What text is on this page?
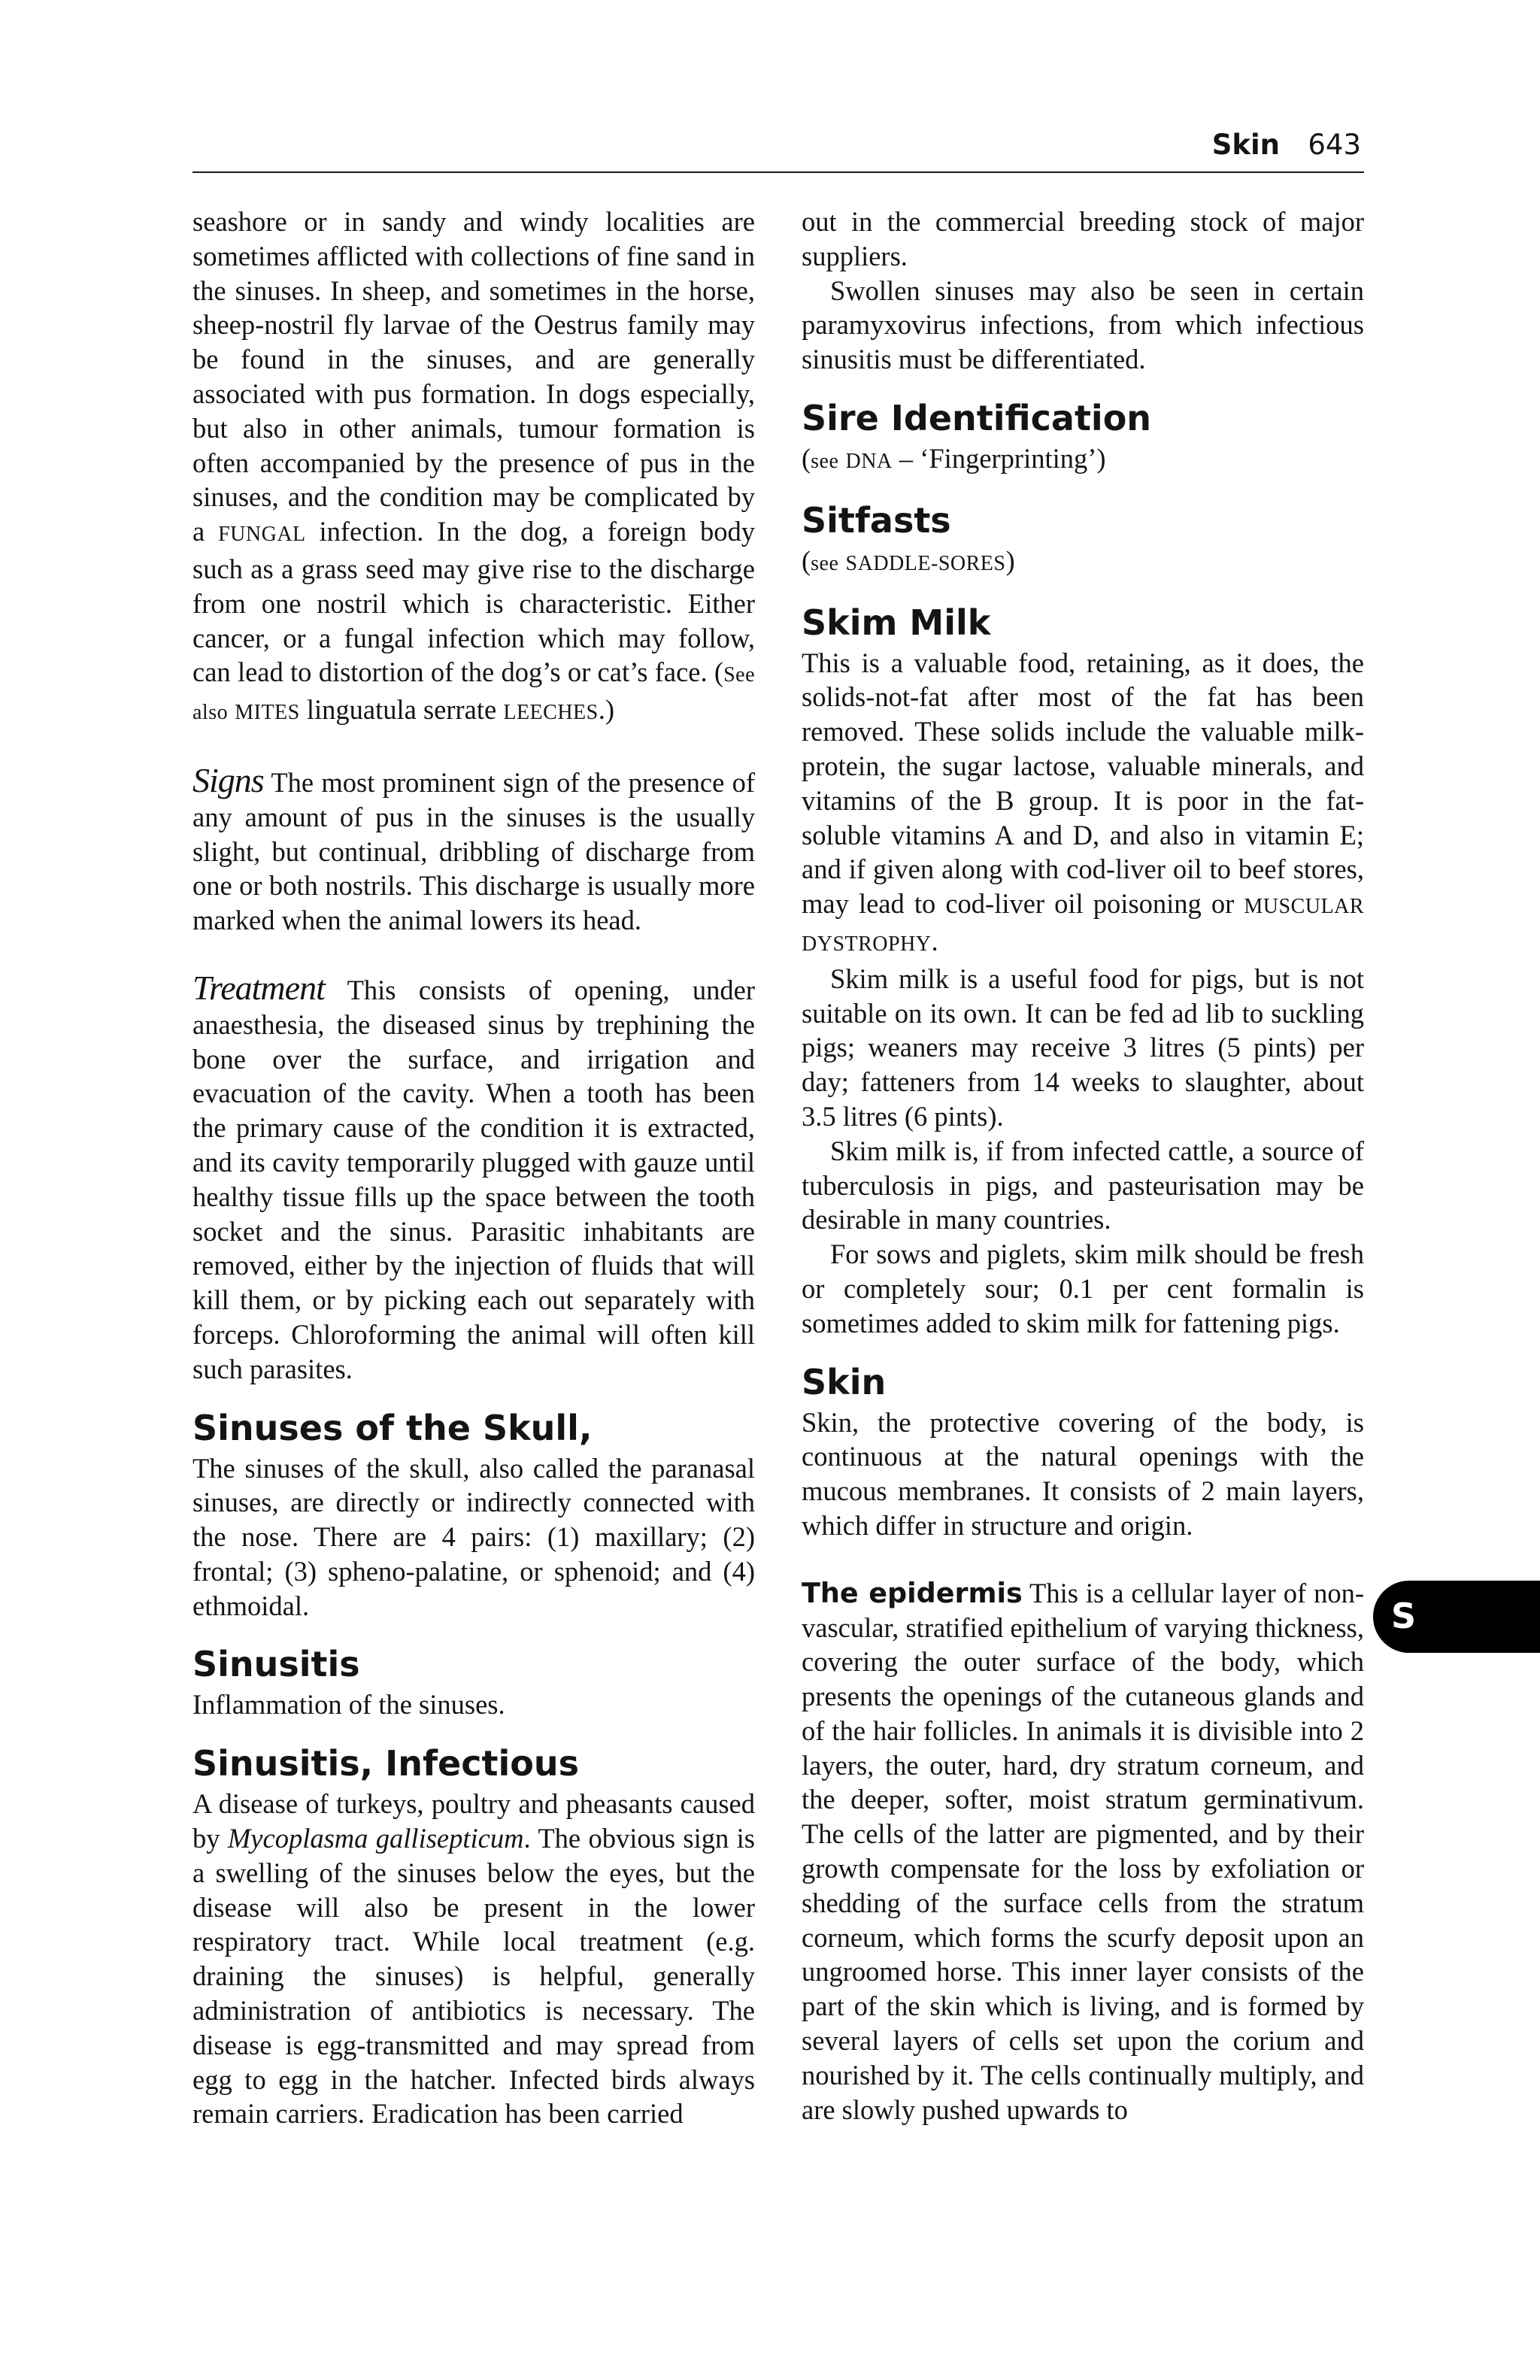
Skin 643

seashore or in sandy and windy localities are sometimes afflicted with collections of fine sand in the sinuses. In sheep, and sometimes in the horse, sheep-nostril fly larvae of the Oestrus family may be found in the sinuses, and are generally associated with pus formation. In dogs especially, but also in other animals, tumour formation is often accompanied by the presence of pus in the sinuses, and the condition may be complicated by a FUNGAL infection. In the dog, a foreign body such as a grass seed may give rise to the discharge from one nostril which is characteristic. Either cancer, or a fungal infection which may follow, can lead to distortion of the dog’s or cat’s face. (See also MITES linguatula serrate LEECHES.)

Signs The most prominent sign of the presence of any amount of pus in the sinuses is the usually slight, but continual, dribbling of discharge from one or both nostrils. This discharge is usually more marked when the animal lowers its head.

Treatment This consists of opening, under anaesthesia, the diseased sinus by trephining the bone over the surface, and irrigation and evacuation of the cavity. When a tooth has been the primary cause of the condition it is extracted, and its cavity temporarily plugged with gauze until healthy tissue fills up the space between the tooth socket and the sinus. Parasitic inhabitants are removed, either by the injection of fluids that will kill them, or by picking each out separately with forceps. Chloroforming the animal will often kill such parasites.

Sinuses of the Skull,

The sinuses of the skull, also called the paranasal sinuses, are directly or indirectly connected with the nose. There are 4 pairs: (1) maxillary; (2) frontal; (3) spheno-palatine, or sphenoid; and (4) ethmoidal.

Sinusitis

Inflammation of the sinuses.

Sinusitis, Infectious

A disease of turkeys, poultry and pheasants caused by Mycoplasma gallisepticum. The obvious sign is a swelling of the sinuses below the eyes, but the disease will also be present in the lower respiratory tract. While local treatment (e.g. draining the sinuses) is helpful, generally administration of antibiotics is necessary. The disease is egg-transmitted and may spread from egg to egg in the hatcher. Infected birds always remain carriers. Eradication has been carried

out in the commercial breeding stock of major suppliers.

Swollen sinuses may also be seen in certain paramyxovirus infections, from which infectious sinusitis must be differentiated.

Sire Identification

(see DNA – ‘Fingerprinting’)

Sitfasts

(see SADDLE-SORES)

Skim Milk

This is a valuable food, retaining, as it does, the solids-not-fat after most of the fat has been removed. These solids include the valuable milk-protein, the sugar lactose, valuable minerals, and vitamins of the B group. It is poor in the fat-soluble vitamins A and D, and also in vitamin E; and if given along with cod-liver oil to beef stores, may lead to cod-liver oil poisoning or MUSCULAR DYSTROPHY.

Skim milk is a useful food for pigs, but is not suitable on its own. It can be fed ad lib to suckling pigs; weaners may receive 3 litres (5 pints) per day; fatteners from 14 weeks to slaughter, about 3.5 litres (6 pints).

Skim milk is, if from infected cattle, a source of tuberculosis in pigs, and pasteurisation may be desirable in many countries.

For sows and piglets, skim milk should be fresh or completely sour; 0.1 per cent formalin is sometimes added to skim milk for fattening pigs.

Skin

Skin, the protective covering of the body, is continuous at the natural openings with the mucous membranes. It consists of 2 main layers, which differ in structure and origin.

The epidermis This is a cellular layer of non-vascular, stratified epithelium of varying thickness, covering the outer surface of the body, which presents the openings of the cutaneous glands and of the hair follicles. In animals it is divisible into 2 layers, the outer, hard, dry stratum corneum, and the deeper, softer, moist stratum germinativum. The cells of the latter are pigmented, and by their growth compensate for the loss by exfoliation or shedding of the surface cells from the stratum corneum, which forms the scurfy deposit upon an ungroomed horse. This inner layer consists of the part of the skin which is living, and is formed by several layers of cells set upon the corium and nourished by it. The cells continually multiply, and are slowly pushed upwards to

S
